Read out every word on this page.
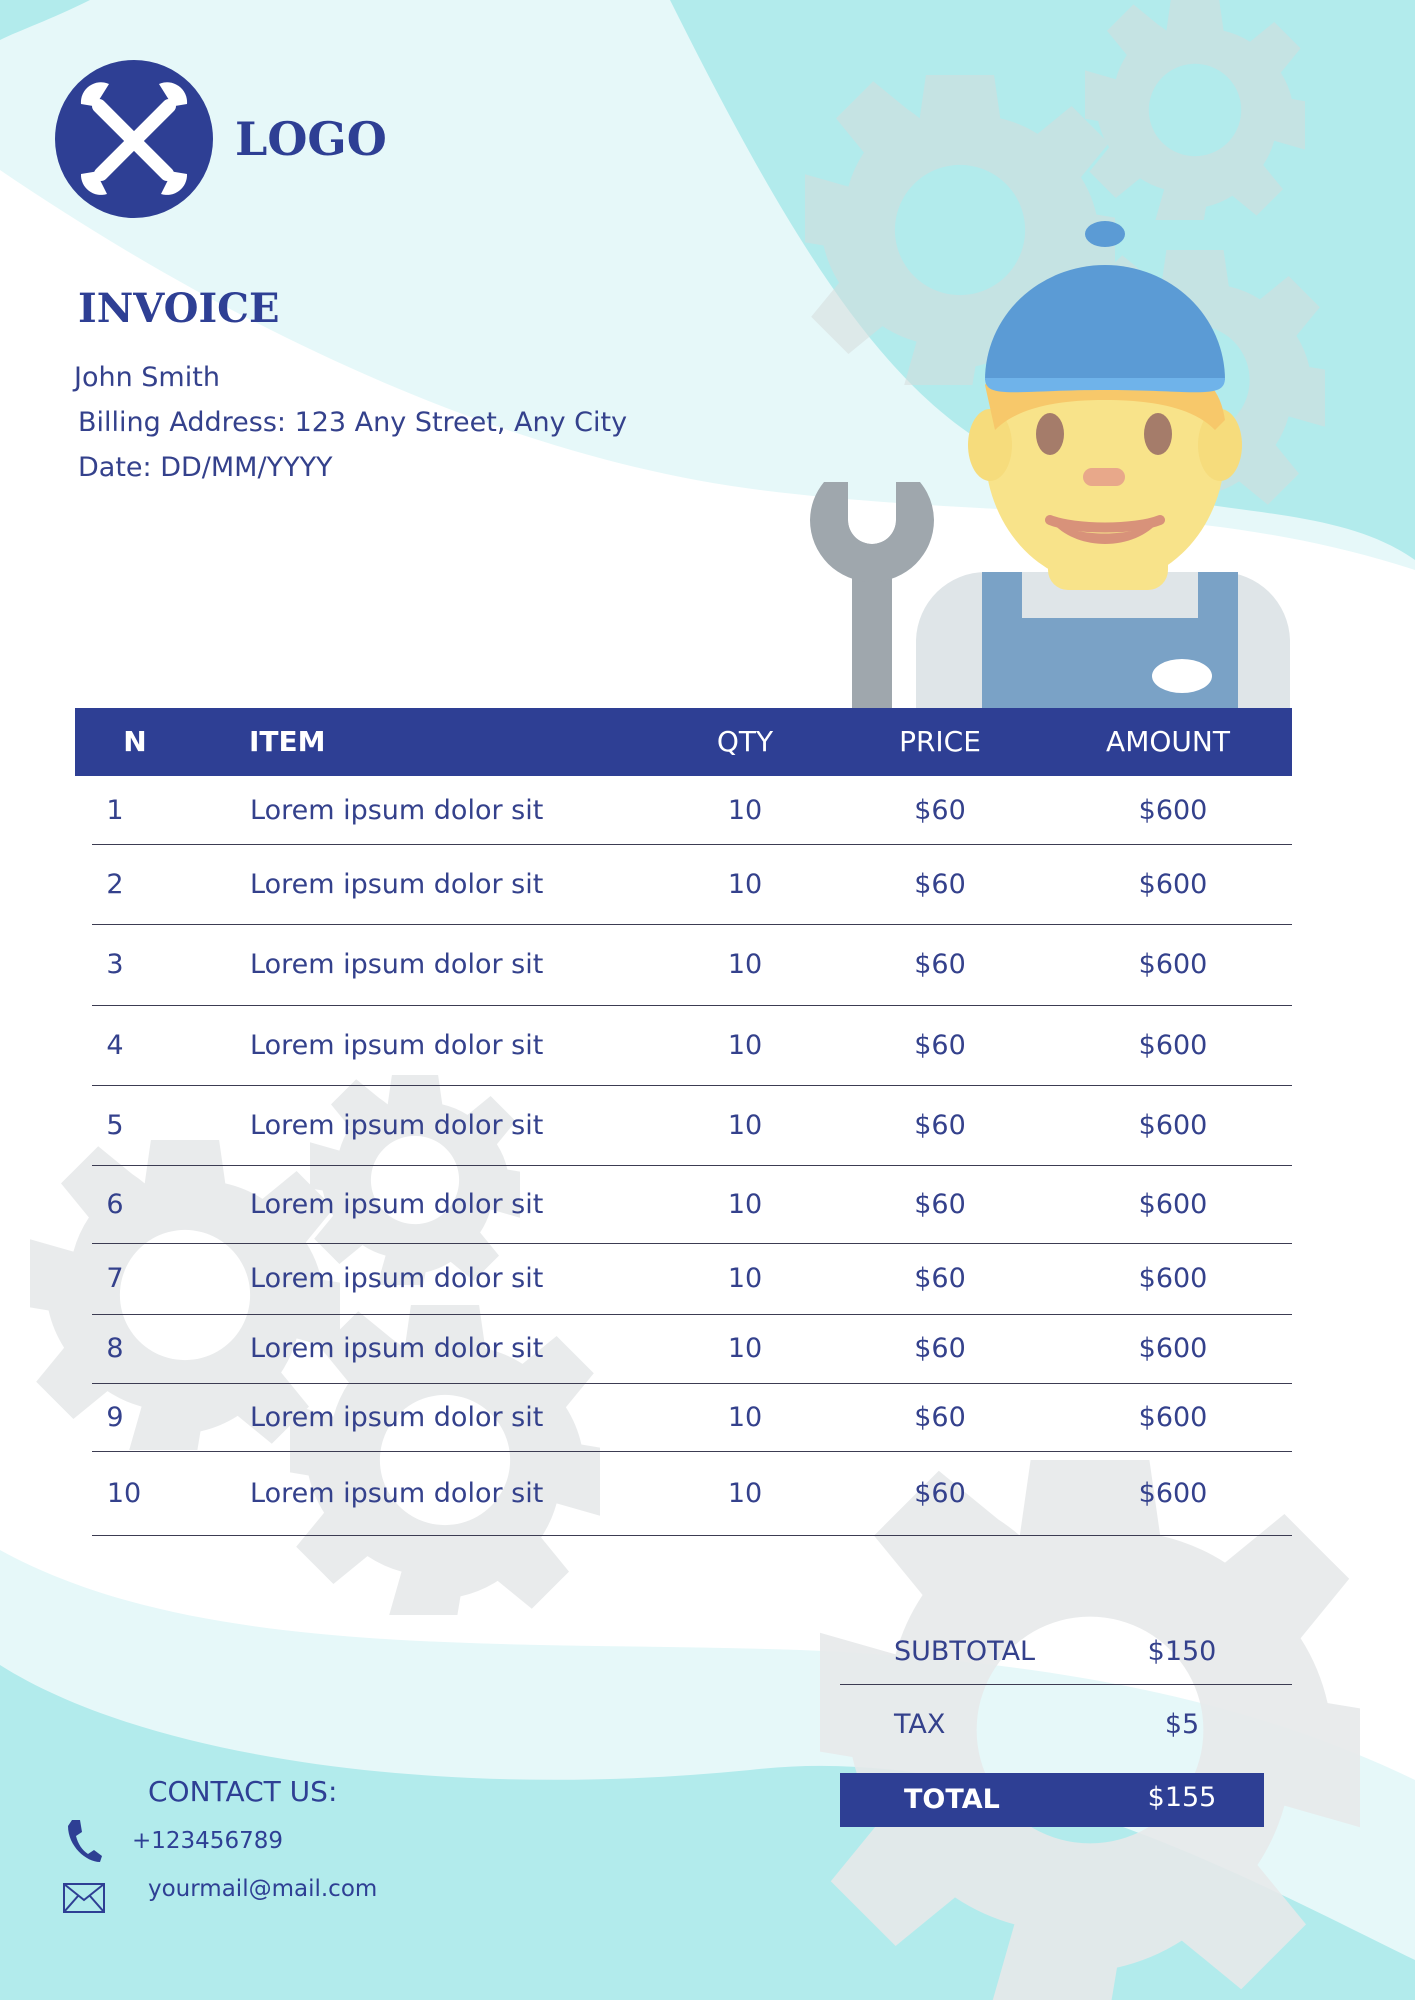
LOGO
INVOICE
John Smith
Billing Address: 123 Any Street, Any City
Date: DD/MM/YYYY
N	ITEM	QTY	PRICE	AMOUNT
1	Lorem ipsum dolor sit	10	$60	$600
2	Lorem ipsum dolor sit	10	$60	$600
3	Lorem ipsum dolor sit	10	$60	$600
4	Lorem ipsum dolor sit	10	$60	$600
5	Lorem ipsum dolor sit	10	$60	$600
6	Lorem ipsum dolor sit	10	$60	$600
7	Lorem ipsum dolor sit	10	$60	$600
8	Lorem ipsum dolor sit	10	$60	$600
9	Lorem ipsum dolor sit	10	$60	$600
10	Lorem ipsum dolor sit	10	$60	$600
SUBTOTAL	$150
TAX	$5
TOTAL	$155
CONTACT US:
+123456789
yourmail@mail.com
